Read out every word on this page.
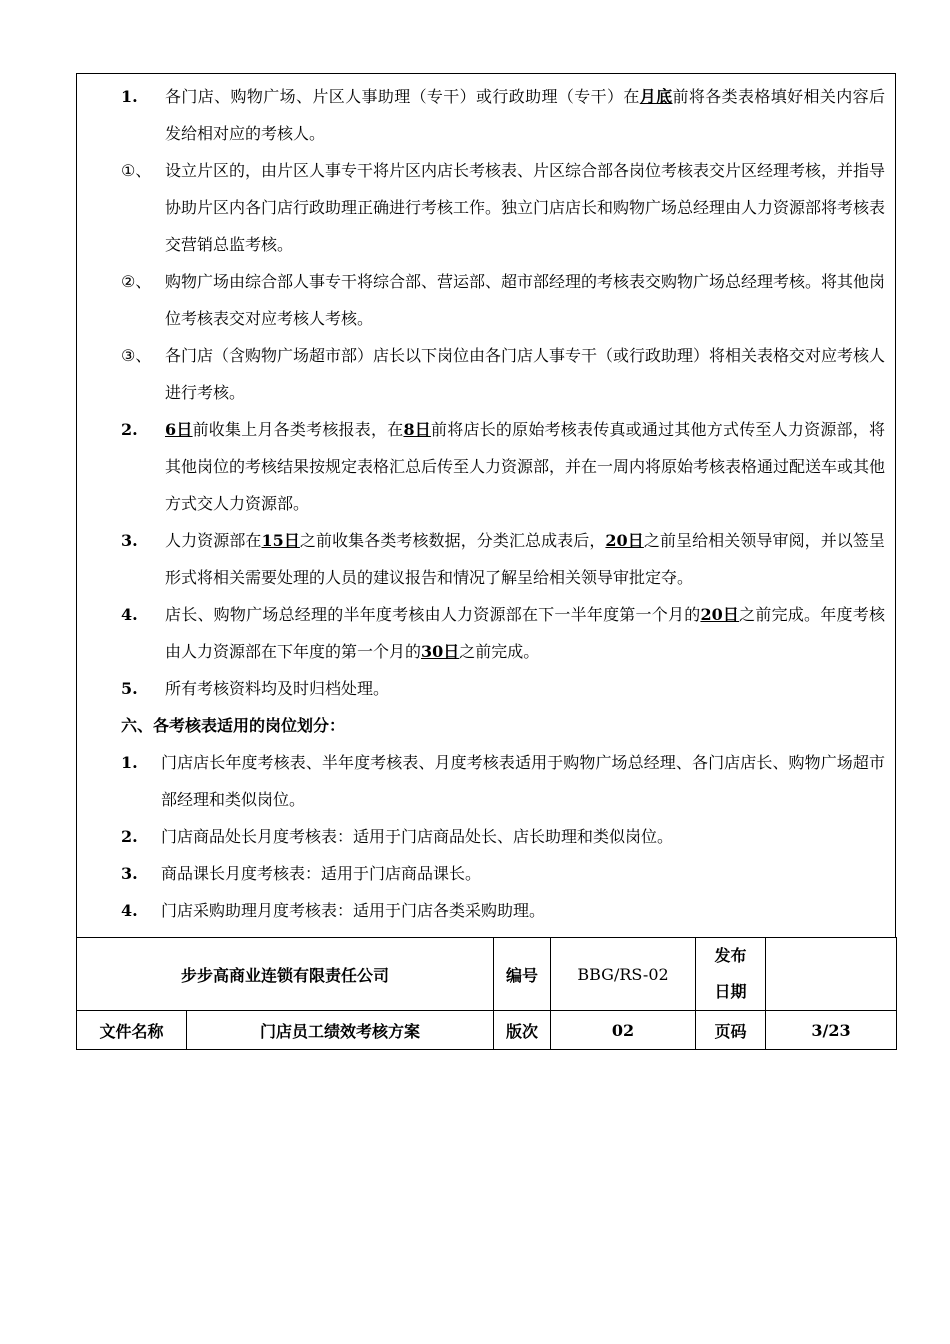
1. 各门店、购物广场、片区人事助理（专干）或行政助理（专干）在月底前将各类表格填好相关内容后发给相对应的考核人。
①、 设立片区的，由片区人事专干将片区内店长考核表、片区综合部各岗位考核表交片区经理考核，并指导协助片区内各门店行政助理正确进行考核工作。独立门店店长和购物广场总经理由人力资源部将考核表交营销总监考核。
②、 购物广场由综合部人事专干将综合部、营运部、超市部经理的考核表交购物广场总经理考核。将其他岗位考核表交对应考核人考核。
③、 各门店（含购物广场超市部）店长以下岗位由各门店人事专干（或行政助理）将相关表格交对应考核人进行考核。
2. 6日前收集上月各类考核报表，在8日前将店长的原始考核表传真或通过其他方式传至人力资源部，将其他岗位的考核结果按规定表格汇总后传至人力资源部，并在一周内将原始考核表格通过配送车或其他方式交人力资源部。
3. 人力资源部在15日之前收集各类考核数据，分类汇总成表后，20日之前呈给相关领导审阅，并以签呈形式将相关需要处理的人员的建议报告和情况了解呈给相关领导审批定夺。
4. 店长、购物广场总经理的半年度考核由人力资源部在下一半年度第一个月的20日之前完成。年度考核由人力资源部在下年度的第一个月的30日之前完成。
5. 所有考核资料均及时归档处理。
六、各考核表适用的岗位划分：
1. 门店店长年度考核表、半年度考核表、月度考核表适用于购物广场总经理、各门店店长、购物广场超市部经理和类似岗位。
2. 门店商品处长月度考核表：适用于门店商品处长、店长助理和类似岗位。
3. 商品课长月度考核表：适用于门店商品课长。
4. 门店采购助理月度考核表：适用于门店各类采购助理。
步步高商业连锁有限责任公司		编号	BBG/RS-02	发布
日期	

文件名称	门店员工绩效考核方案	版次	02	页码	3/23
